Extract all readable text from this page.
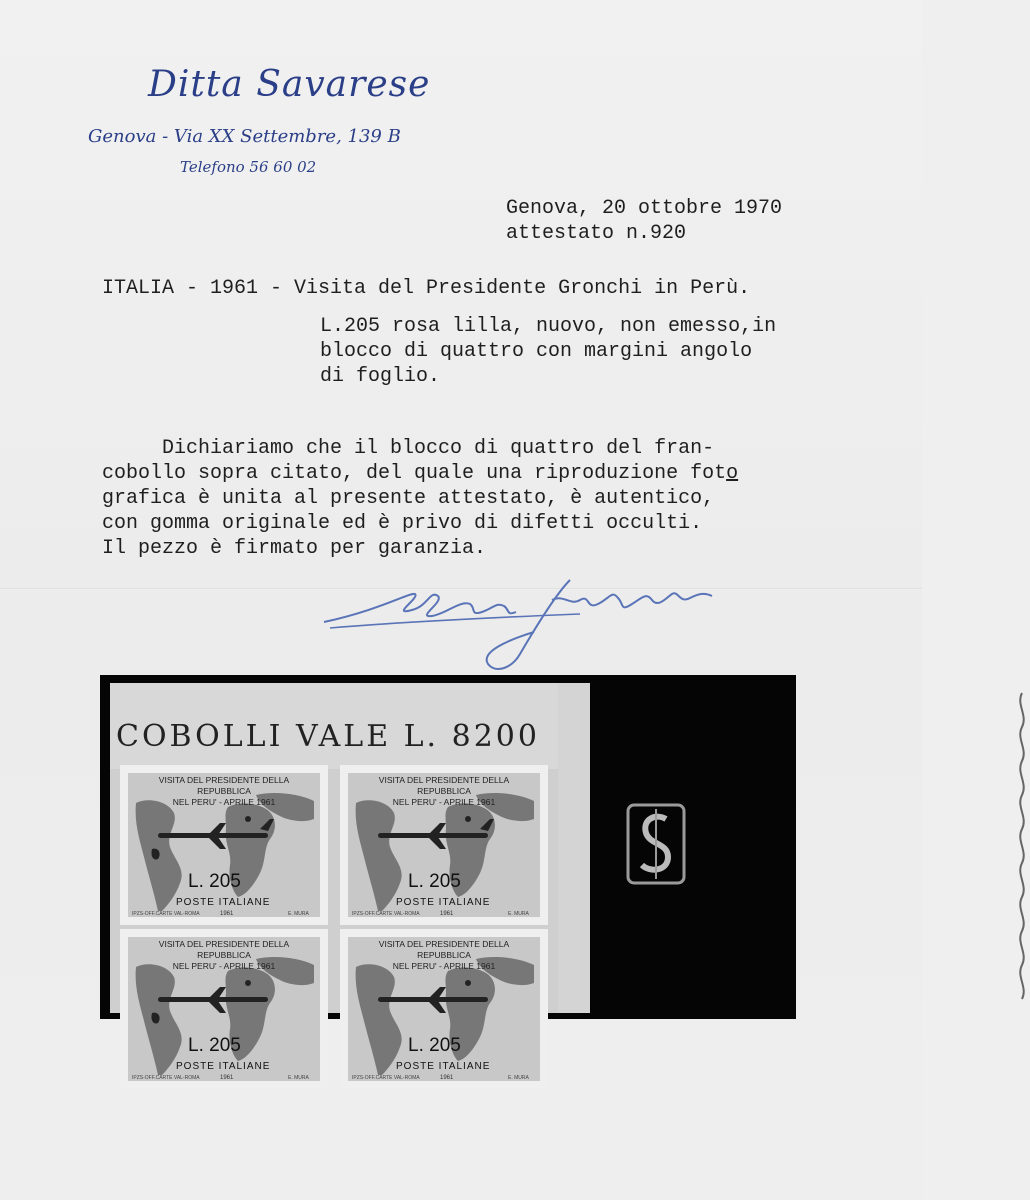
Ditta Savarese
Genova - Via XX Settembre, 139 B
Telefono 56 60 02
Genova, 20 ottobre 1970
attestato n.920
ITALIA - 1961 - Visita del Presidente Gronchi in Perù.
L.205 rosa lilla, nuovo, non emesso,in
blocco di quattro con margini angolo
di foglio.
Dichiariamo che il blocco di quattro del fran-
cobollo sopra citato, del quale una riproduzione foto
grafica è unita al presente attestato, è autentico,
con gomma originale ed è privo di difetti occulti.
Il pezzo è firmato per garanzia.
COBOLLI VALE L. 8200
VISITA DEL PRESIDENTE DELLA REPUBBLICA
NEL PERU' - APRILE 1961
L. 205
POSTE ITALIANE
IPZS-OFF.CARTE VAL-ROMA	1961	E. MURA
VISITA DEL PRESIDENTE DELLA REPUBBLICA
NEL PERU' - APRILE 1961
L. 205
POSTE ITALIANE
IPZS-OFF.CARTE VAL-ROMA	1961	E. MURA
VISITA DEL PRESIDENTE DELLA REPUBBLICA
NEL PERU' - APRILE 1961
L. 205
POSTE ITALIANE
IPZS-OFF.CARTE VAL-ROMA	1961	E. MURA
VISITA DEL PRESIDENTE DELLA REPUBBLICA
NEL PERU' - APRILE 1961
L. 205
POSTE ITALIANE
IPZS-OFF.CARTE VAL-ROMA	1961	E. MURA
